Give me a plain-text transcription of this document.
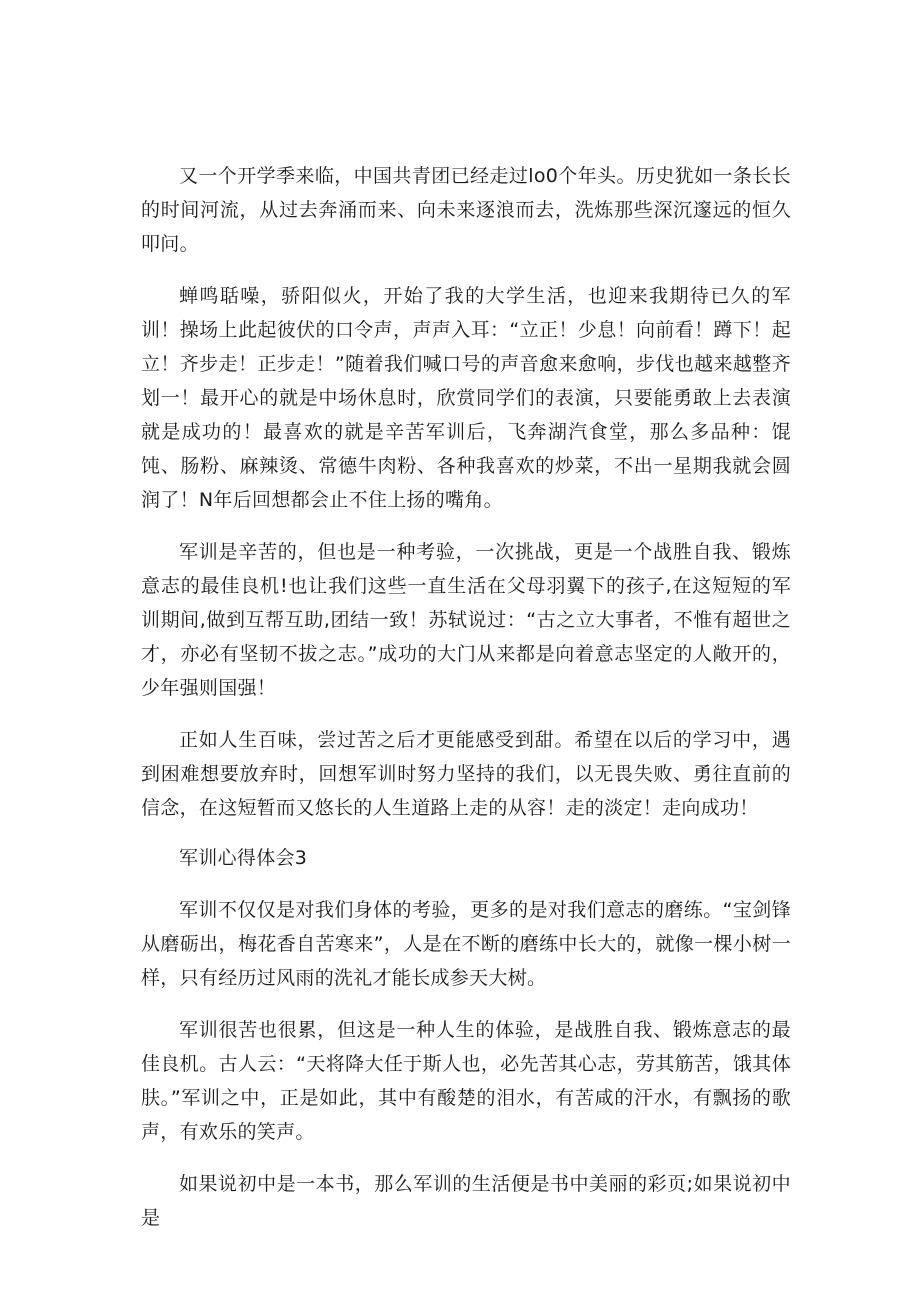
又一个开学季来临，中国共青团已经走过lo0个年头。历史犹如一条长长的时间河流，从过去奔涌而来、向未来逐浪而去，洗炼那些深沉邃远的恒久叩问。

蝉鸣聒噪，骄阳似火，开始了我的大学生活，也迎来我期待已久的军训！操场上此起彼伏的口令声，声声入耳：“立正！少息！向前看！蹲下！起立！齐步走！正步走！”随着我们喊口号的声音愈来愈响，步伐也越来越整齐划一！最开心的就是中场休息时，欣赏同学们的表演，只要能勇敢上去表演就是成功的！最喜欢的就是辛苦军训后，飞奔湖汽食堂，那么多品种：馄饨、肠粉、麻辣烫、常德牛肉粉、各种我喜欢的炒菜，不出一星期我就会圆润了！N年后回想都会止不住上扬的嘴角。

军训是辛苦的，但也是一种考验，一次挑战，更是一个战胜自我、锻炼意志的最佳良机!也让我们这些一直生活在父母羽翼下的孩子,在这短短的军训期间,做到互帮互助,团结一致！苏轼说过：“古之立大事者，不惟有超世之才，亦必有坚韧不拔之志。”成功的大门从来都是向着意志坚定的人敞开的，少年强则国强！

正如人生百味，尝过苦之后才更能感受到甜。希望在以后的学习中，遇到困难想要放弃时，回想军训时努力坚持的我们，以无畏失败、勇往直前的信念，在这短暂而又悠长的人生道路上走的从容！走的淡定！走向成功！

军训心得体会3

军训不仅仅是对我们身体的考验，更多的是对我们意志的磨练。“宝剑锋从磨砺出，梅花香自苦寒来”，人是在不断的磨练中长大的，就像一棵小树一样，只有经历过风雨的洗礼才能长成参天大树。

军训很苦也很累，但这是一种人生的体验，是战胜自我、锻炼意志的最佳良机。古人云：“天将降大任于斯人也，必先苦其心志，劳其筋苦，饿其体肤。”军训之中，正是如此，其中有酸楚的泪水，有苦咸的汗水，有飘扬的歌声，有欢乐的笑声。

如果说初中是一本书，那么军训的生活便是书中美丽的彩页;如果说初中是
